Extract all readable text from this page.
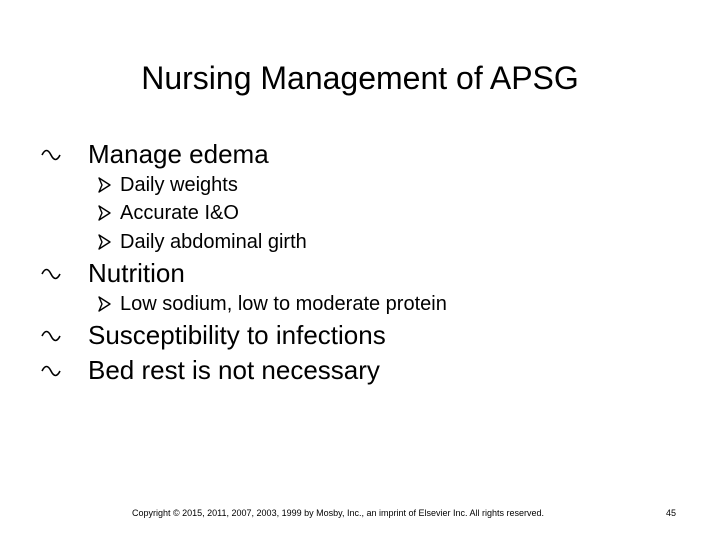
Nursing Management of APSG
Manage edema
Daily weights
Accurate I&O
Daily abdominal girth
Nutrition
Low sodium, low to moderate protein
Susceptibility to infections
Bed rest is not necessary
Copyright © 2015, 2011, 2007, 2003, 1999 by Mosby, Inc., an imprint of Elsevier Inc. All rights reserved.	45
